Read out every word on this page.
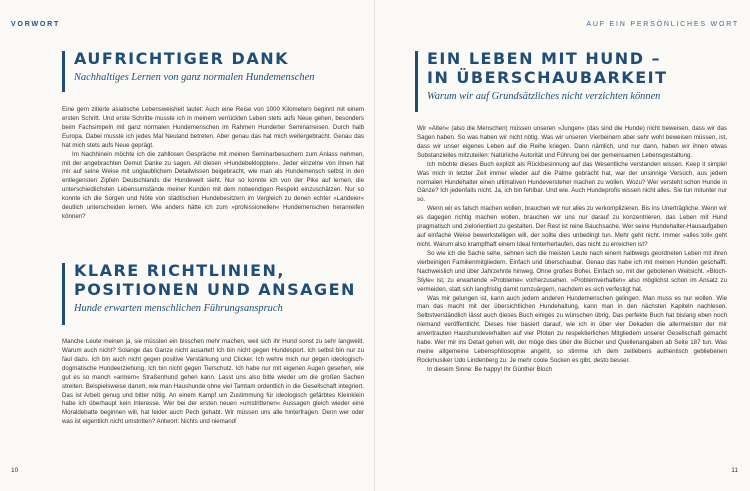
VORWORT
AUFRICHTIGER DANK
Nachhaltiges Lernen von ganz normalen Hundemenschen

Eine gern zitierte asiatische Lebensweisheit lautet: Auch eine Reise von 1000 Kilometern beginnt mit einem ersten Schritt. Und erste Schritte musste ich in meinem verrückten Leben stets aufs Neue gehen, besonders beim Fachsimpeln mit ganz normalen Hundemenschen im Rahmen Hunderter Seminarreisen. Durch halb Europa. Dabei musste ich jedes Mal Neuland betreten. Aber genau das hat mich weitergebracht. Genau das hat mich stets aufs Neue geprägt.

Im Nachhinein möchte ich die zahllosen Gespräche mit meinen Seminarbesuchern zum Anlass nehmen, mit der angebrachten Demut Danke zu sagen. All diesen »Hundebekloppten«. Jeder einzelne von ihnen hat mir auf seine Weise mit unglaublichem Detailwissen beigebracht, wie man als Hundemensch selbst in den entlegensten Zipfeln Deutschlands die Hundewelt sieht. Nur so konnte ich von der Pike auf lernen, die unterschiedlichsten Lebensumstände meiner Kunden mit dem notwendigen Respekt einzuschätzen. Nur so konnte ich die Sorgen und Nöte von städtischen Hundebesitzern im Vergleich zu denen echter »Landeier« deutlich unterscheiden lernen. Wie anders hätte ich zum »professionellen« Hundemenschen heranreifen können?

KLARE RICHTLINIEN,
POSITIONEN UND ANSAGEN
Hunde erwarten menschlichen Führungsanspruch

Manche Leute meinen ja, sie müssten ein bisschen mehr machen, weil sich ihr Hund sonst zu sehr langweilt. Warum auch nicht? Solange das Ganze nicht ausartet! Ich bin nicht gegen Hundesport. Ich selbst bin nur zu faul dazu. Ich bin auch nicht gegen positive Verstärkung und Clicker. Ich wehre mich nur gegen ideologisch-dogmatische Hundeerziehung. Ich bin nicht gegen Tierschutz. Ich habe nur mit eigenen Augen gesehen, wie gut es so manch »armem« Straßenhund gehen kann. Lasst uns also bitte wieder um die großen Sachen streiten. Beispielsweise darum, wie man Haushunde ohne viel Tamtam ordentlich in die Gesellschaft integriert. Das ist Arbeit genug und bitter nötig. An einem Kampf um Zustimmung für ideologisch gefärbtes Kleinklein habe ich überhaupt kein Interesse. Wer bei der ersten neuen »umstrittenen« Aussagen gleich wieder eine Moraldebatte beginnen will, hat leider auch Pech gehabt. Wir müssen uns alle hinterfragen. Denn wer oder was ist eigentlich nicht umstritten? Antwort: Nichts und niemand!

10
AUF EIN PERSÖNLICHES WORT
EIN LEBEN MIT HUND –
IN ÜBERSCHAUBARKEIT
Warum wir auf Grundsätzliches nicht verzichten können

Wir »Alten« (also die Menschen) müssen unseren »Jungen« (das sind die Hunde) nicht beweisen, dass wir das Sagen haben. So was haben wir nicht nötig. Was wir unseren Vierbeinern aber sehr wohl beweisen müssen, ist, dass wir unser eigenes Leben auf die Reihe kriegen. Dann nämlich, und nur dann, haben wir ihnen etwas Substanzielles mitzuteilen: Natürliche Autorität und Führung bei der gemeinsamen Lebensgestaltung.

Ich möchte dieses Buch explizit als Rückbesinnung auf das Wesentliche verstanden wissen. Keep it simple! Was mich in letzter Zeit immer wieder auf die Palme gebracht hat, war der unsinnige Versuch, aus jedem normalen Hundehalter einen ultimativen Hundeversteher machen zu wollen. Wozu? Wer versteht schon Hunde in Gänze? Ich jedenfalls nicht. Ja, ich bin fehlbar. Und wie. Auch Hundeprofis wissen nicht alles. Sie tun mitunter nur so.

Wenn wir es falsch machen wollen, brauchen wir nur alles zu verkomplizieren. Bis ins Unerträgliche. Wenn wir es dagegen richtig machen wollen, brauchen wir uns nur darauf zu konzentrieren, das Leben mit Hund pragmatisch und zielorientiert zu gestalten. Der Rest ist reine Bauchsache. Wer seine Hundehalter-Hausaufgaben auf einfache Weise bewerkstelligen will, der sollte dies unbedingt tun. Mehr geht nicht. Immer »alles toll« geht nicht. Warum also krampfhaft einem Ideal hinterherlaufen, das nicht zu erreichen ist?

So wie ich die Sache sehe, sehnen sich die meisten Leute nach einem halbwegs geordneten Leben mit ihren vierbeinigen Familienmitgliedern. Einfach und überschaubar. Genau das habe ich mit meinen Hunden geschafft. Nachweislich und über Jahrzehnte hinweg. Ohne großes Bohei. Einfach so, mit der gebotenen Weitsicht. »Bloch-Style« ist, zu erwartende »Probleme« vorherzusehen. »Problemverhalten« also möglichst schon im Ansatz zu vermeiden, statt sich langfristig damit rumzuärgern, nachdem es sich verfestigt hat.

Was mir gelungen ist, kann auch jedem anderen Hundemenschen gelingen. Man muss es nur wollen. Wie man das macht mit der übersichtlichen Hundehaltung, kann man in den nächsten Kapiteln nachlesen. Selbstverständlich lässt auch dieses Buch einiges zu wünschen übrig. Das perfekte Buch hat bislang eben noch niemand veröffentlicht. Dieses hier basiert darauf, wie ich in über vier Dekaden die allermeisten der mir anvertrauten Haushundeverhalten auf vier Pfoten zu respektierlichen Mitgliedern unserer Gesellschaft gemacht habe. Wer mir ins Detail gehen will, der möge dies über die Bücher und Quellenangaben ab Seite 187 tun. Was meine allgemeine Lebensphilosophie angeht, so stimme ich dem zeitlebens authentisch gebliebenen Rockmusiker Udo Lindenberg zu: Je mehr coole Socken es gibt, desto besser.

In diesem Sinne: Be happy! Ihr Günther Bloch

11
